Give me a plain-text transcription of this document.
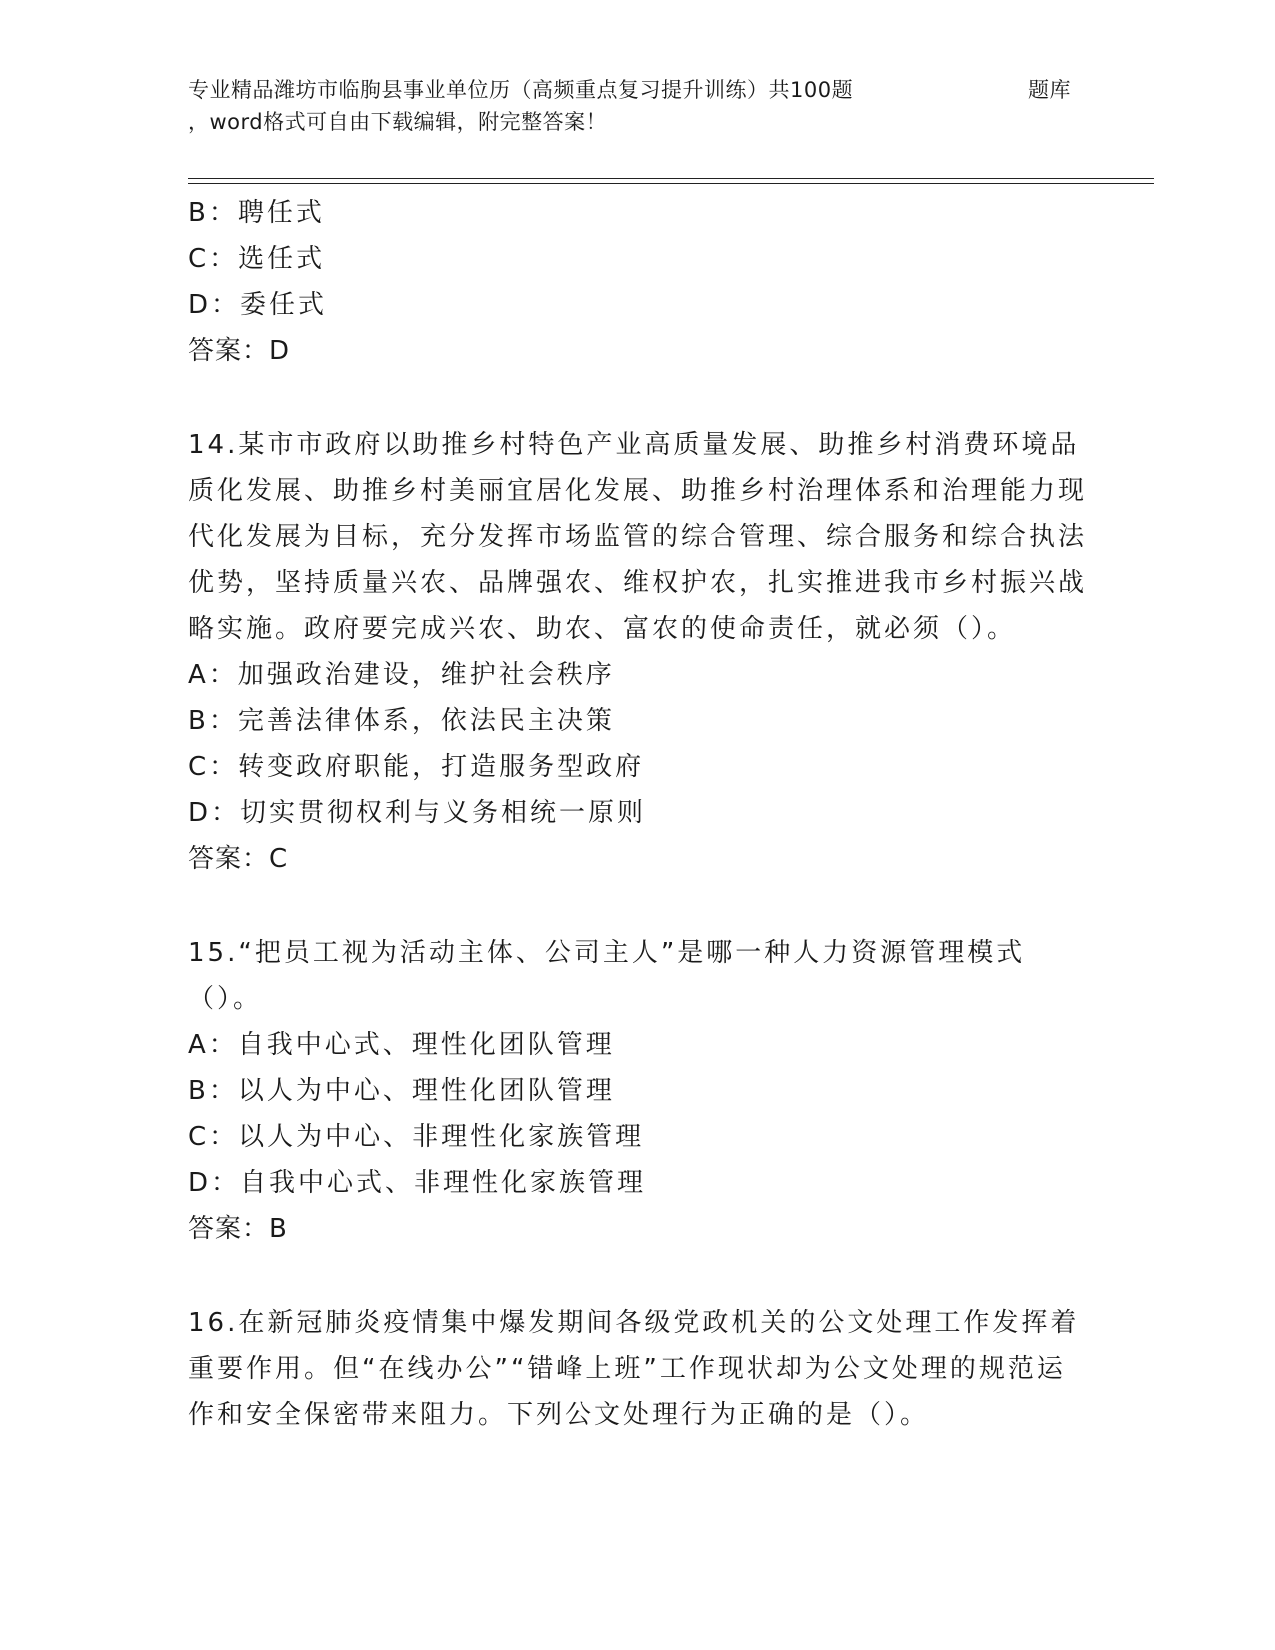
专业精品潍坊市临朐县事业单位历（高频重点复习提升训练）共100题	题库
，word格式可自由下载编辑，附完整答案！
B：聘任式
C：选任式
D：委任式
答案：D
14.某市市政府以助推乡村特色产业高质量发展、助推乡村消费环境品质化发展、助推乡村美丽宜居化发展、助推乡村治理体系和治理能力现代化发展为目标，充分发挥市场监管的综合管理、综合服务和综合执法优势，坚持质量兴农、品牌强农、维权护农，扎实推进我市乡村振兴战略实施。政府要完成兴农、助农、富农的使命责任，就必须（）。
A：加强政治建设，维护社会秩序
B：完善法律体系，依法民主决策
C：转变政府职能，打造服务型政府
D：切实贯彻权利与义务相统一原则
答案：C
15.“把员工视为活动主体、公司主人”是哪一种人力资源管理模式（）。
A：自我中心式、理性化团队管理
B：以人为中心、理性化团队管理
C：以人为中心、非理性化家族管理
D：自我中心式、非理性化家族管理
答案：B
16.在新冠肺炎疫情集中爆发期间各级党政机关的公文处理工作发挥着重要作用。但“在线办公”“错峰上班”工作现状却为公文处理的规范运作和安全保密带来阻力。下列公文处理行为正确的是（）。
